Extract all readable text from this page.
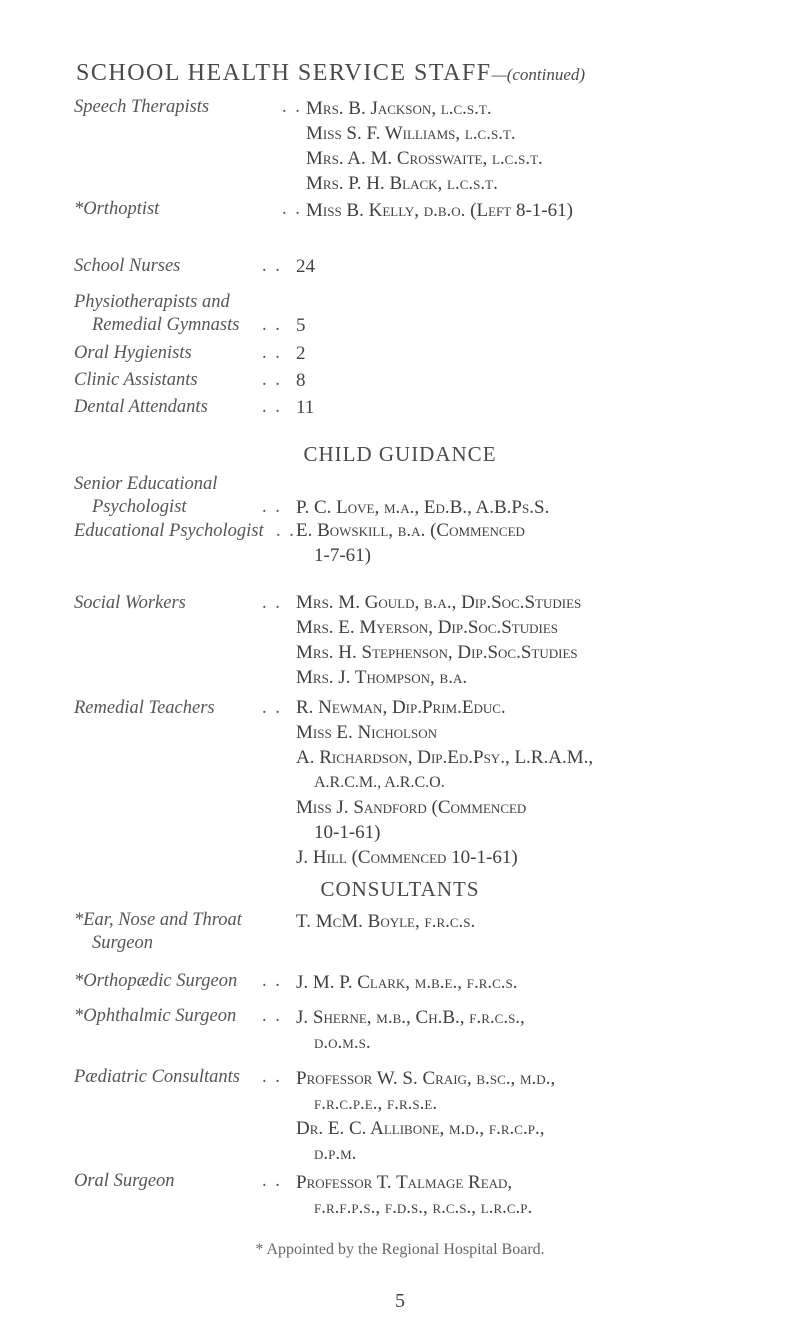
SCHOOL HEALTH SERVICE STAFF—(continued)
Speech Therapists	. . Mrs. B. Jackson, l.c.s.t.
Miss S. F. Williams, l.c.s.t.
Mrs. A. M. Crosswaite, l.c.s.t.
Mrs. P. H. Black, l.c.s.t.
*Orthoptist	. . Miss B. Kelly, d.b.o. (Left 8-1-61)
School Nurses	. . 24
Physiotherapists and
Remedial Gymnasts	. . 5
Oral Hygienists	. . 2
Clinic Assistants	. . 8
Dental Attendants	. . 11
CHILD GUIDANCE
Senior Educational
Psychologist	. . P. C. Love, m.a., Ed.B., A.B.Ps.S.
Educational Psychologist . . E. Bowskill, b.a. (Commenced
1-7-61)
Social Workers	. . Mrs. M. Gould, b.a., Dip.Soc.Studies
Mrs. E. Myerson, Dip.Soc.Studies
Mrs. H. Stephenson, Dip.Soc.Studies
Mrs. J. Thompson, b.a.
Remedial Teachers	. . R. Newman, Dip.Prim.Educ.
Miss E. Nicholson
A. Richardson, Dip.Ed.Psy., L.R.A.M.,
A.R.C.M., A.R.C.O.
Miss J. Sandford (Commenced
10-1-61)
J. Hill (Commenced 10-1-61)
CONSULTANTS
*Ear, Nose and Throat
Surgeon
T. McM. Boyle, f.r.c.s.
*Orthopædic Surgeon	. . J. M. P. Clark, m.b.e., f.r.c.s.
*Ophthalmic Surgeon	. . J. Sherne, m.b., Ch.B., f.r.c.s.,
d.o.m.s.
Pædiatric Consultants	. . Professor W. S. Craig, b.sc., m.d.,
f.r.c.p.e., f.r.s.e.
Dr. E. C. Allibone, m.d., f.r.c.p.,
d.p.m.
Oral Surgeon	. . Professor T. Talmage Read,
f.r.f.p.s., f.d.s., r.c.s., l.r.c.p.
* Appointed by the Regional Hospital Board.
5
